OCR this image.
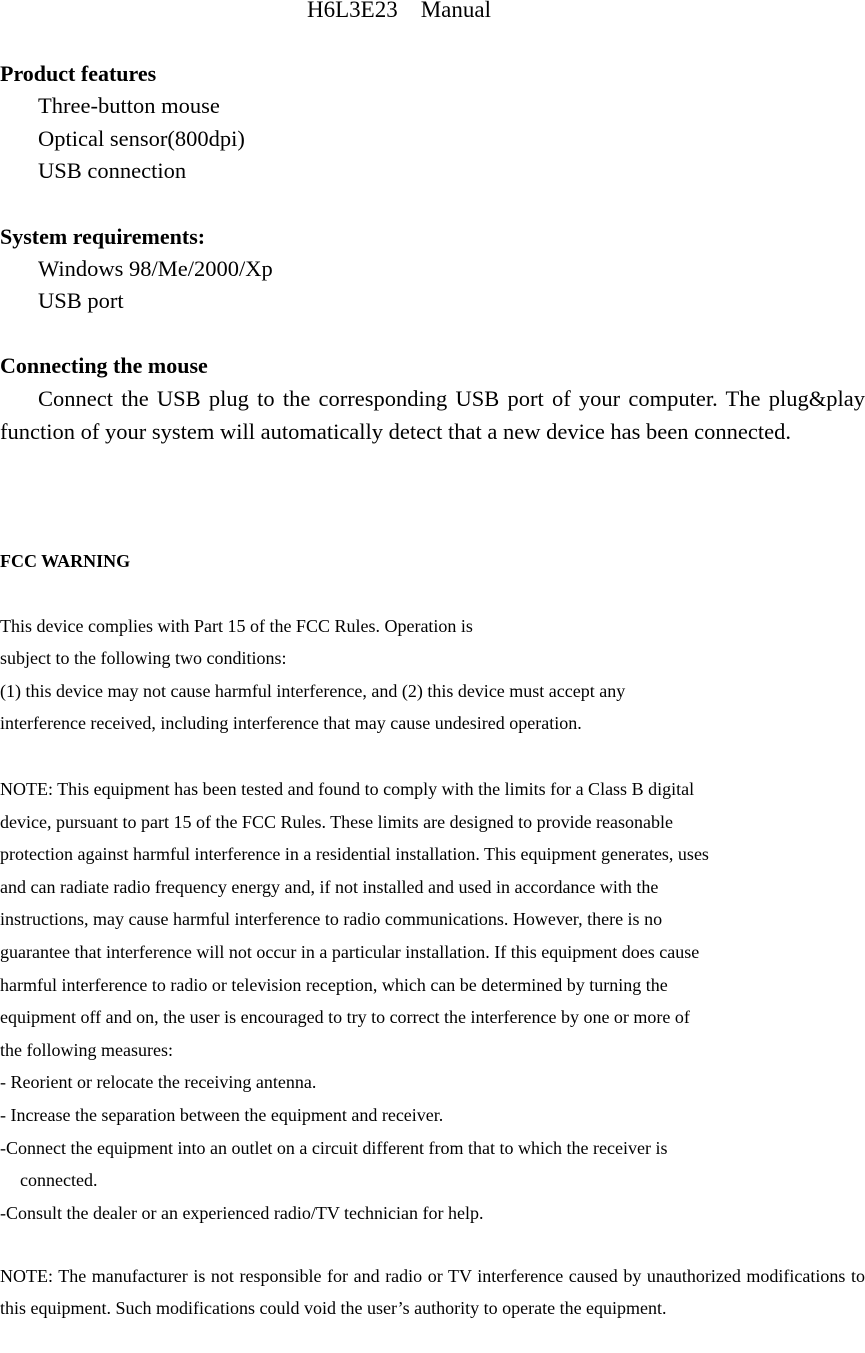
H6L3E23　Manual
Product features
Three-button mouse
Optical sensor(800dpi)
USB connection
System requirements:
Windows 98/Me/2000/Xp
USB port
Connecting the mouse

Connect the USB plug to the corresponding USB port of your computer. The plug&play function of your system will automatically detect that a new device has been connected.

FCC WARNING
This device complies with Part 15 of the FCC Rules. Operation is
subject to the following two conditions:
(1) this device may not cause harmful interference, and (2) this device must accept any
interference received, including interference that may cause undesired operation.
NOTE: This equipment has been tested and found to comply with the limits for a Class B digital
device, pursuant to part 15 of the FCC Rules. These limits are designed to provide reasonable
protection against harmful interference in a residential installation. This equipment generates, uses
and can radiate radio frequency energy and, if not installed and used in accordance with the
instructions, may cause harmful interference to radio communications. However, there is no
guarantee that interference will not occur in a particular installation. If this equipment does cause
harmful interference to radio or television reception, which can be determined by turning the
equipment off and on, the user is encouraged to try to correct the interference by one or more of
the following measures:
- Reorient or relocate the receiving antenna.
- Increase the separation between the equipment and receiver.
-Connect the equipment into an outlet on a circuit different from that to which the receiver is
connected.
-Consult the dealer or an experienced radio/TV technician for help.

NOTE: The manufacturer is not responsible for and radio or TV interference caused by unauthorized modifications to this equipment. Such modifications could void the user’s authority to operate the equipment.
